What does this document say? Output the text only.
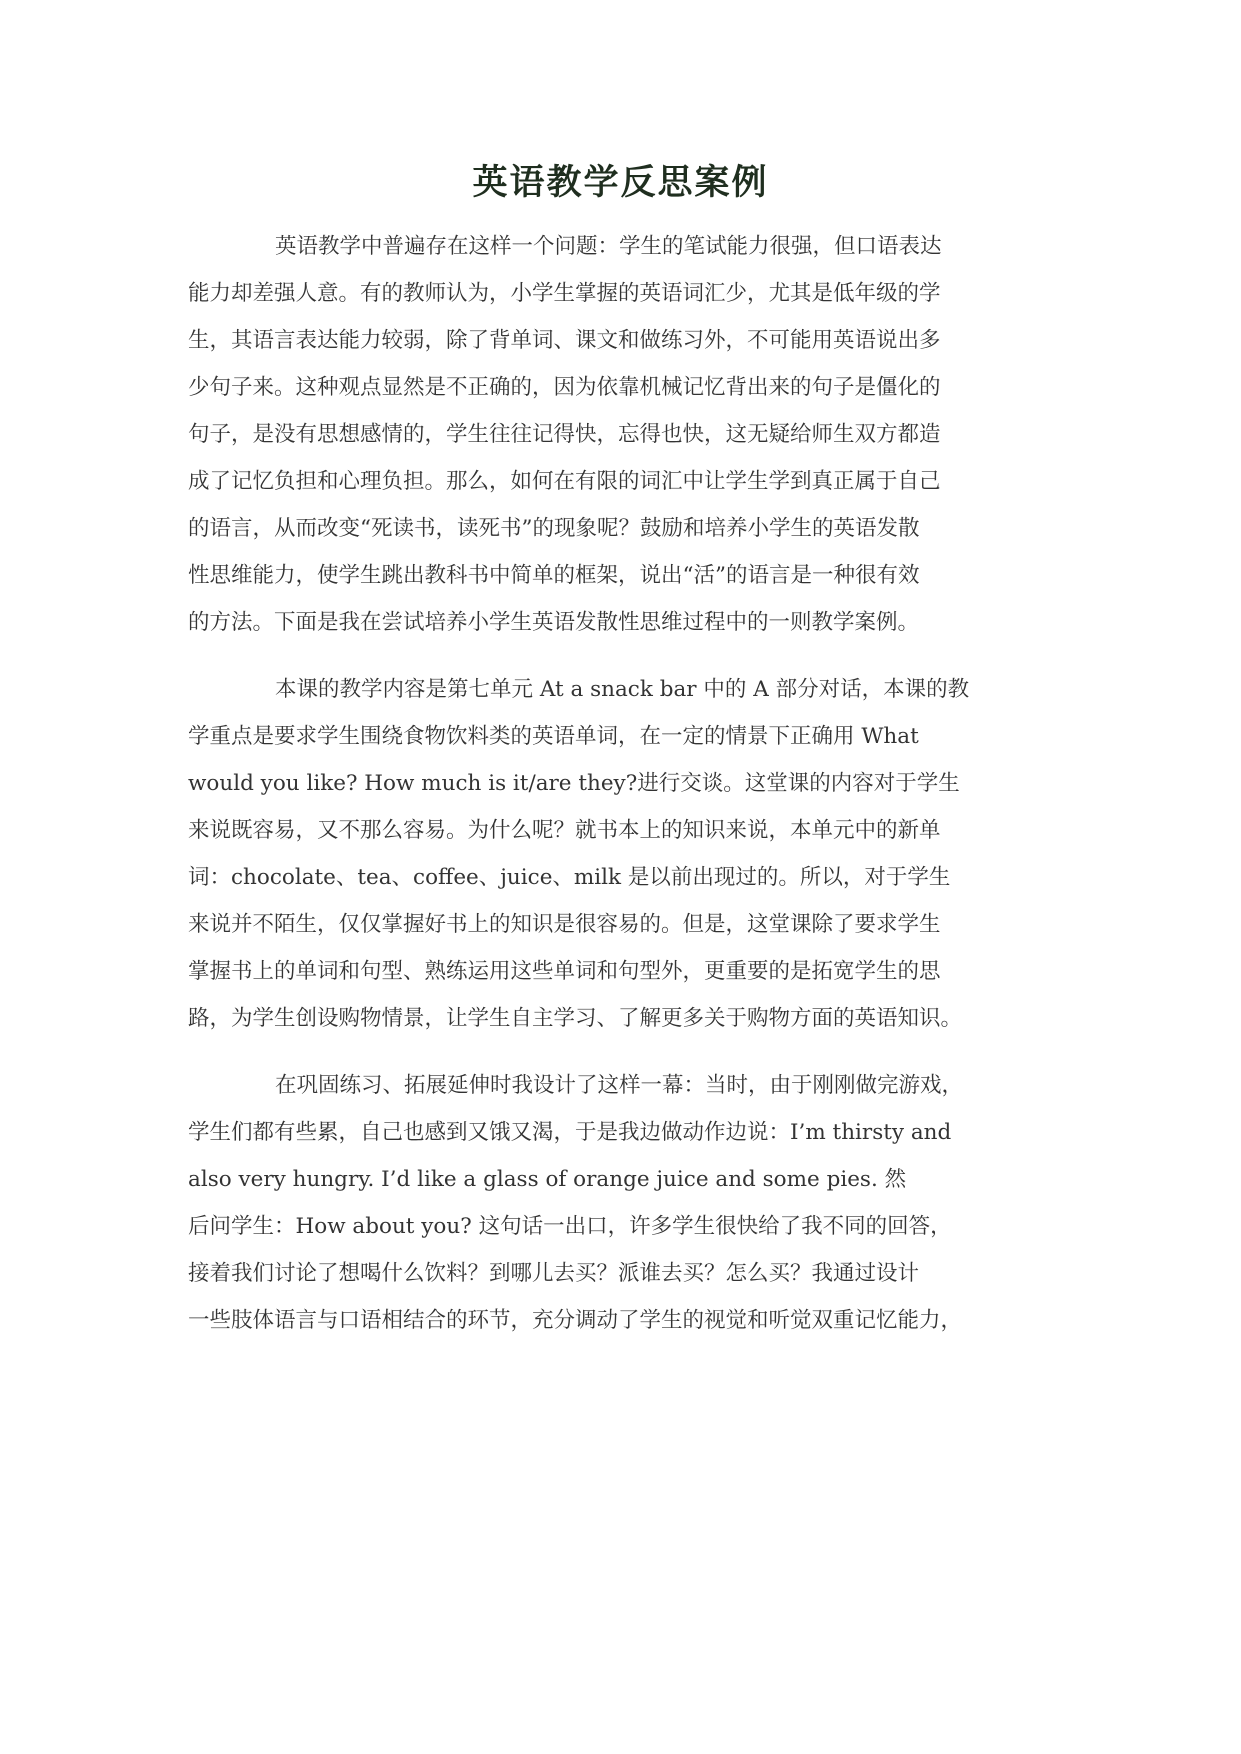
英语教学反思案例
英语教学中普遍存在这样一个问题：学生的笔试能力很强，但口语表达
能力却差强人意。有的教师认为，小学生掌握的英语词汇少，尤其是低年级的学
生，其语言表达能力较弱，除了背单词、课文和做练习外，不可能用英语说出多
少句子来。这种观点显然是不正确的，因为依靠机械记忆背出来的句子是僵化的
句子，是没有思想感情的，学生往往记得快，忘得也快，这无疑给师生双方都造
成了记忆负担和心理负担。那么，如何在有限的词汇中让学生学到真正属于自己
的语言，从而改变“死读书，读死书”的现象呢？鼓励和培养小学生的英语发散
性思维能力，使学生跳出教科书中简单的框架，说出“活”的语言是一种很有效
的方法。下面是我在尝试培养小学生英语发散性思维过程中的一则教学案例。
本课的教学内容是第七单元 At a snack bar 中的 A 部分对话，本课的教
学重点是要求学生围绕食物饮料类的英语单词，在一定的情景下正确用 What
would you like? How much is it/are they?进行交谈。这堂课的内容对于学生
来说既容易，又不那么容易。为什么呢？就书本上的知识来说，本单元中的新单
词：chocolate、tea、coffee、juice、milk 是以前出现过的。所以，对于学生
来说并不陌生，仅仅掌握好书上的知识是很容易的。但是，这堂课除了要求学生
掌握书上的单词和句型、熟练运用这些单词和句型外，更重要的是拓宽学生的思
路，为学生创设购物情景，让学生自主学习、了解更多关于购物方面的英语知识。
在巩固练习、拓展延伸时我设计了这样一幕：当时，由于刚刚做完游戏，
学生们都有些累，自己也感到又饿又渴，于是我边做动作边说：I’m thirsty and
also very hungry. I’d like a glass of orange juice and some pies. 然
后问学生：How about you? 这句话一出口，许多学生很快给了我不同的回答，
接着我们讨论了想喝什么饮料？到哪儿去买？派谁去买？怎么买？我通过设计
一些肢体语言与口语相结合的环节，充分调动了学生的视觉和听觉双重记忆能力，
